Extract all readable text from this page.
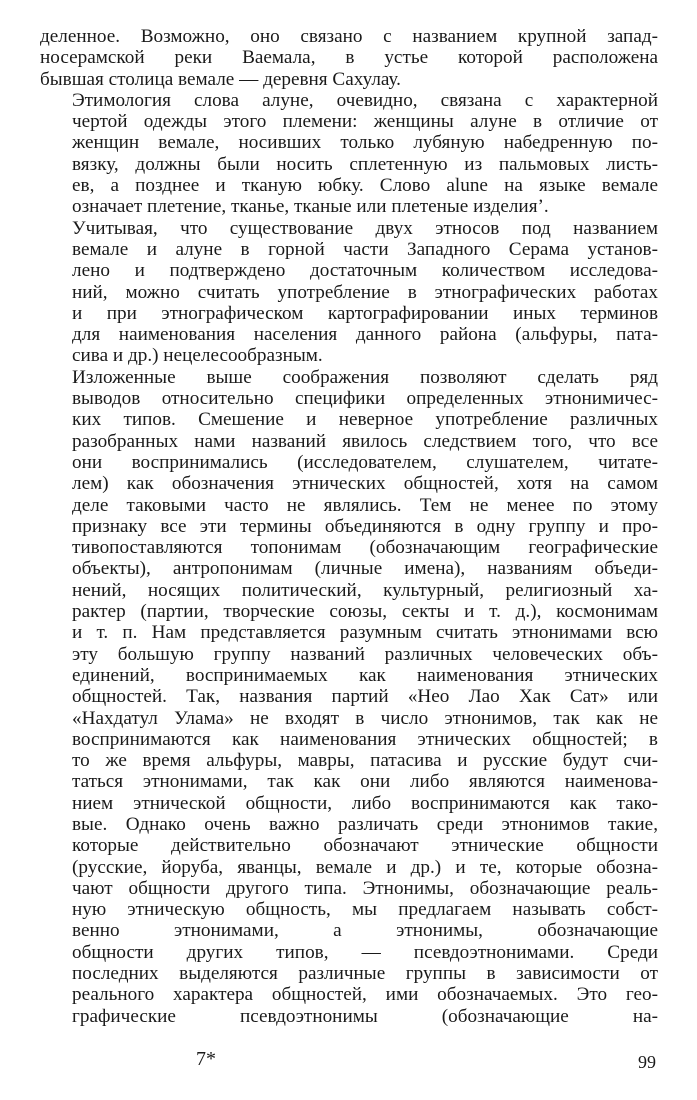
деленное. Возможно, оно связано с названием крупной запад-
носерамской реки Ваемала, в устье которой расположена
бывшая столица вемале — деревня Сахулау.

Этимология слова алуне, очевидно, связана с характерной
чертой одежды этого племени: женщины алуне в отличие от
женщин вемале, носивших только лубяную набедренную по-
вязку, должны были носить сплетенную из пальмовых листь-
ев, а позднее и тканую юбку. Слово alune на языке вемале
означает плетение, тканье, тканые или плетеные изделия’.

Учитывая, что существование двух этносов под названием
вемале и алуне в горной части Западного Серама установ-
лено и подтверждено достаточным количеством исследова-
ний, можно считать употребление в этнографических работах
и при этнографическом картографировании иных терминов
для наименования населения данного района (альфуры, пата-
сива и др.) нецелесообразным.

Изложенные выше соображения позволяют сделать ряд
выводов относительно специфики определенных этнонимичес-
ких типов. Смешение и неверное употребление различных
разобранных нами названий явилось следствием того, что все
они воспринимались (исследователем, слушателем, читате-
лем) как обозначения этнических общностей, хотя на самом
деле таковыми часто не являлись. Тем не менее по этому
признаку все эти термины объединяются в одну группу и про-
тивопоставляются топонимам (обозначающим географические
объекты), антропонимам (личные имена), названиям объеди-
нений, носящих политический, культурный, религиозный ха-
рактер (партии, творческие союзы, секты и т. д.), космонимам
и т. п. Нам представляется разумным считать этнонимами всю
эту большую группу названий различных человеческих объ-
единений, воспринимаемых как наименования этнических
общностей. Так, названия партий «Нео Лао Хак Сат» или
«Нахдатул Улама» не входят в число этнонимов, так как не
воспринимаются как наименования этнических общностей; в
то же время альфуры, мавры, патасива и русские будут счи-
таться этнонимами, так как они либо являются наименова-
нием этнической общности, либо воспринимаются как тако-
вые. Однако очень важно различать среди этнонимов такие,
которые действительно обозначают этнические общности
(русские, йоруба, яванцы, вемале и др.) и те, которые обозна-
чают общности другого типа. Этнонимы, обозначающие реаль-
ную этническую общность, мы предлагаем называть собст-
венно этнонимами, а этнонимы, обозначающие
общности других типов, — псевдоэтнонимами. Среди
последних выделяются различные группы в зависимости от
реального характера общностей, ими обозначаемых. Это гео-
графические псевдоэтнонимы (обозначающие на-

7*	99
